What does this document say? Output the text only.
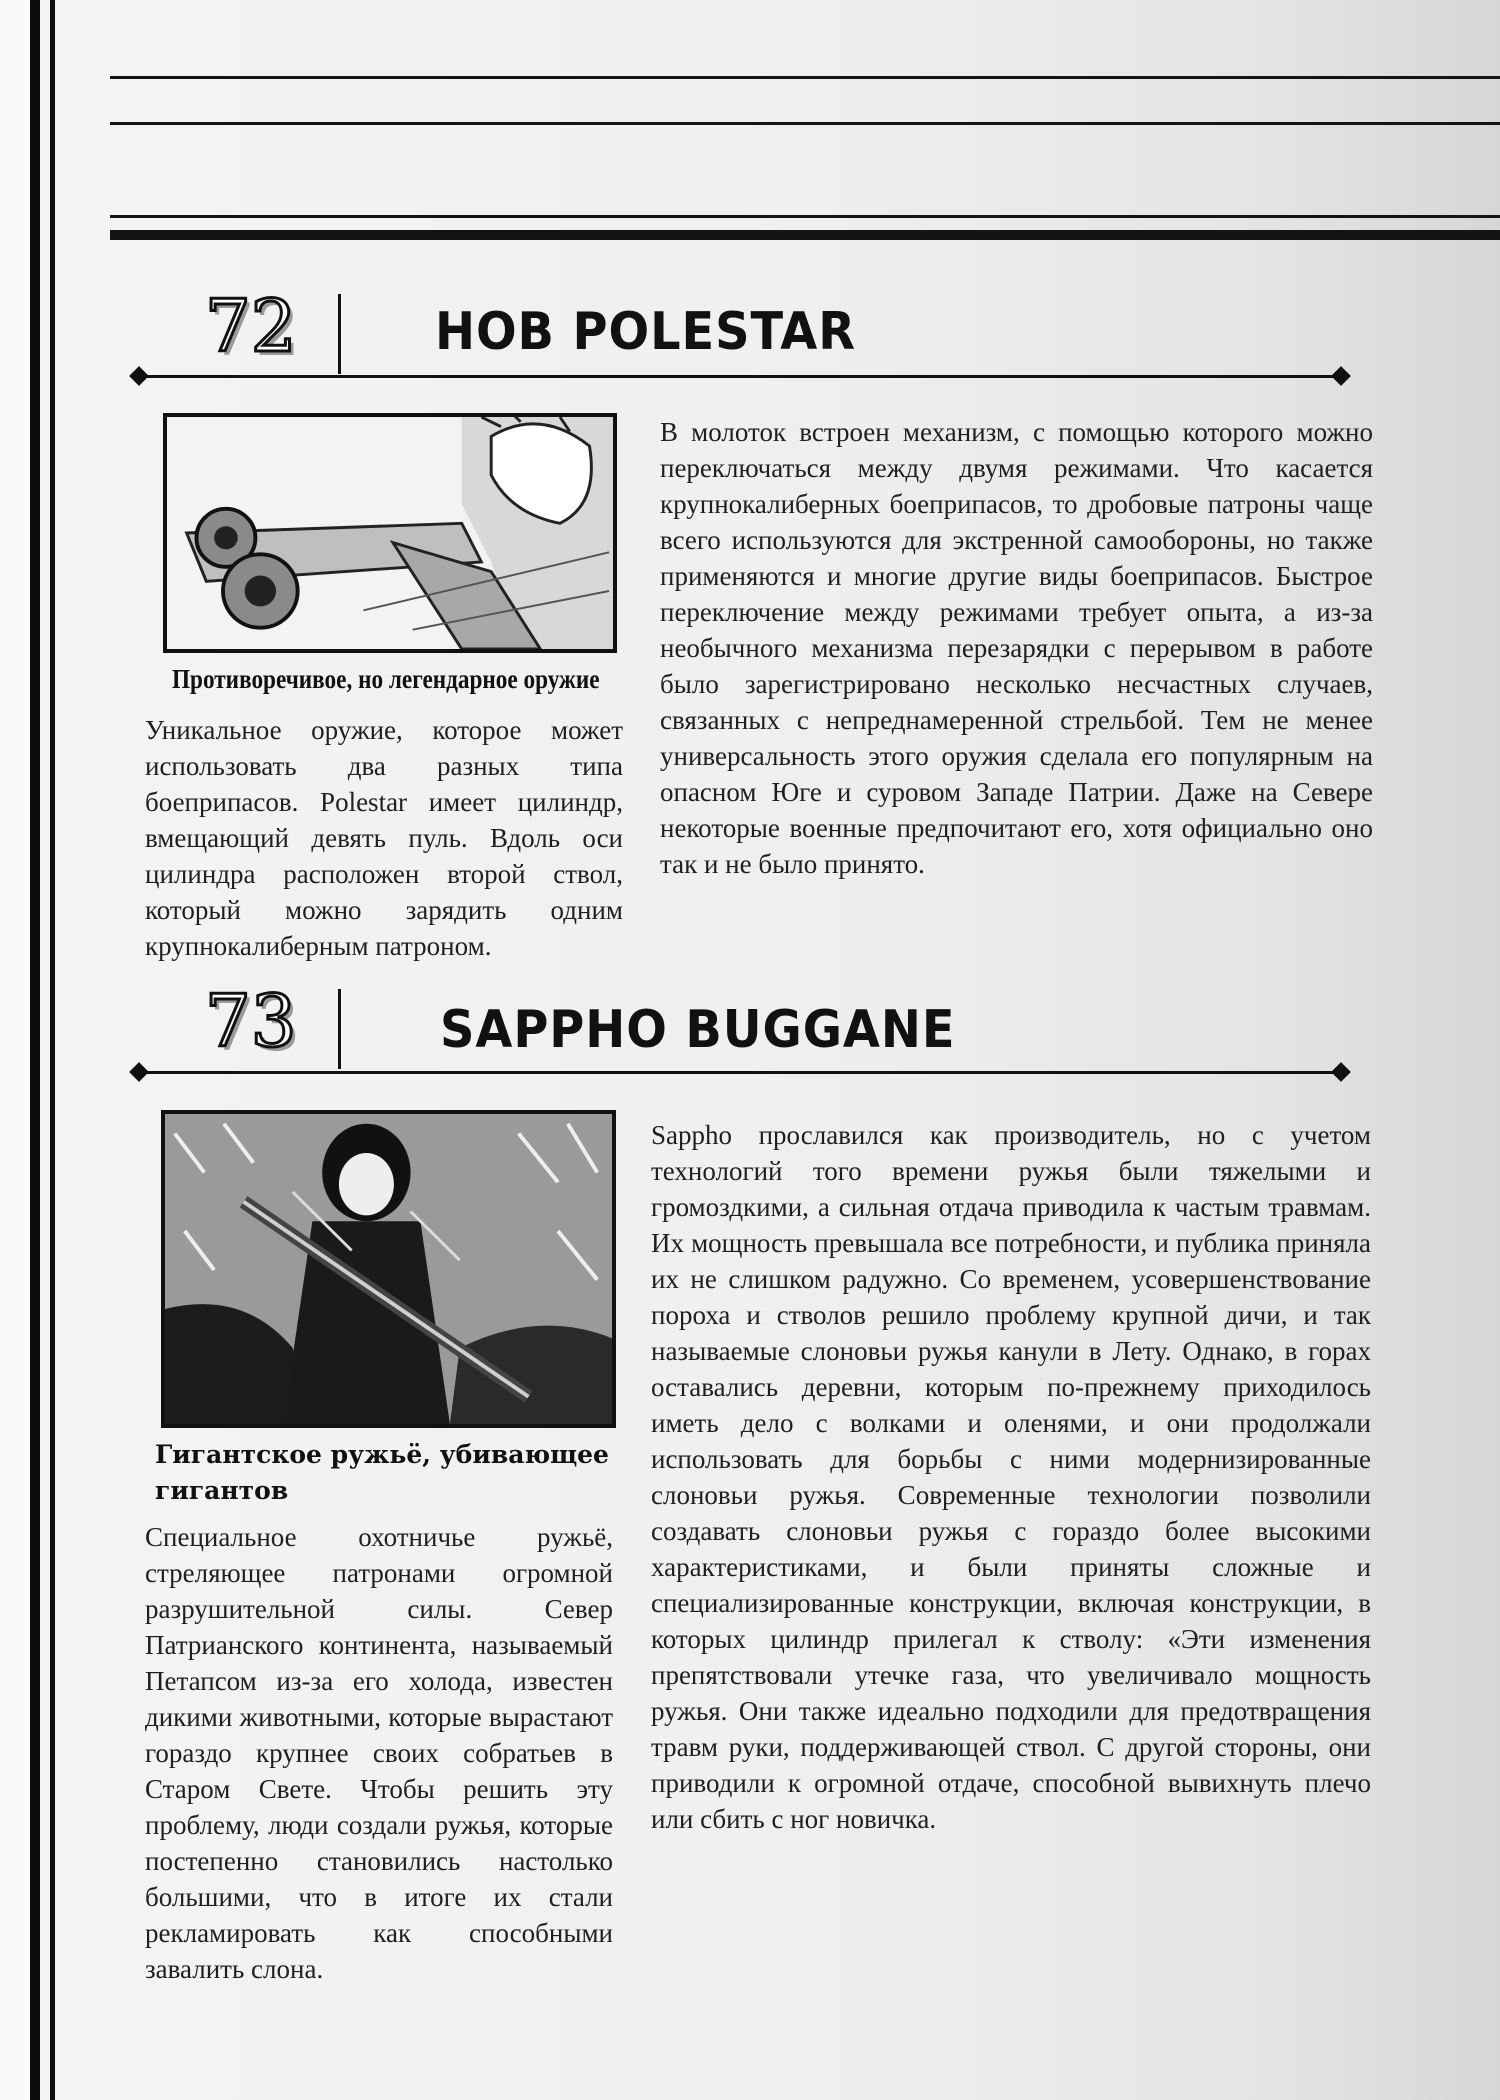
72	HOB POLESTAR
Противоречивое, но легендарное оружие
Уникальное оружие, которое может использовать два разных типа боеприпасов. Polestar имеет цилиндр, вмещающий девять пуль. Вдоль оси цилиндра расположен второй ствол, который можно зарядить одним крупнокалиберным патроном.
В молоток встроен механизм, с помощью которого можно переключаться между двумя режимами. Что касается крупнокалиберных боеприпасов, то дробовые патроны чаще всего используются для экстренной самообороны, но также применяются и многие другие виды боеприпасов. Быстрое переключение между режимами требует опыта, а из-за необычного механизма перезарядки с перерывом в работе было зарегистрировано несколько несчастных случаев, связанных с непреднамеренной стрельбой. Тем не менее универсальность этого оружия сделала его популярным на опасном Юге и суровом Западе Патрии. Даже на Севере некоторые военные предпочитают его, хотя официально оно так и не было принято.
73	SAPPHO BUGGANE
Гигантское ружьё, убивающее гигантов
Специальное охотничье ружьё, стреляющее патронами огромной разрушительной силы. Север Патрианского континента, называемый Петапсом из-за его холода, известен дикими животными, которые вырастают гораздо крупнее своих собратьев в Старом Свете. Чтобы решить эту проблему, люди создали ружья, которые постепенно становились настолько большими, что в итоге их стали рекламировать как способными завалить слона.
Sappho прославился как производитель, но с учетом технологий того времени ружья были тяжелыми и громоздкими, а сильная отдача приводила к частым травмам. Их мощность превышала все потребности, и публика приняла их не слишком радужно. Со временем, усовершенствование пороха и стволов решило проблему крупной дичи, и так называемые слоновьи ружья канули в Лету. Однако, в горах оставались деревни, которым по-прежнему приходилось иметь дело с волками и оленями, и они продолжали использовать для борьбы с ними модернизированные слоновьи ружья. Современные технологии позволили создавать слоновьи ружья с гораздо более высокими характеристиками, и были приняты сложные и специализированные конструкции, включая конструкции, в которых цилиндр прилегал к стволу: «Эти изменения препятствовали утечке газа, что увеличивало мощность ружья. Они также идеально подходили для предотвращения травм руки, поддерживающей ствол. С другой стороны, они приводили к огромной отдаче, способной вывихнуть плечо или сбить с ног новичка.
